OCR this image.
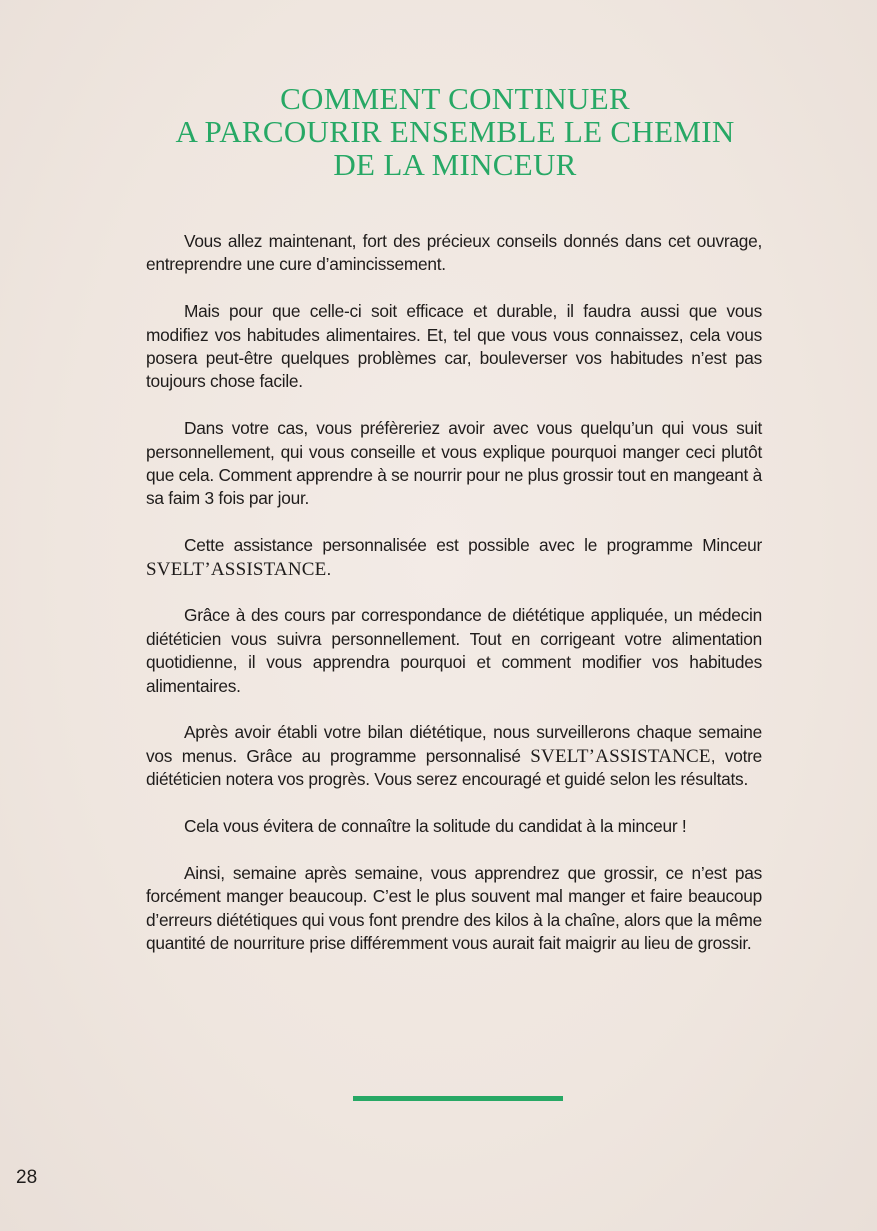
COMMENT CONTINUER
A PARCOURIR ENSEMBLE LE CHEMIN
DE LA MINCEUR

Vous allez maintenant, fort des précieux conseils donnés dans cet ouvrage, entreprendre une cure d’amincissement.

Mais pour que celle-ci soit efficace et durable, il faudra aussi que vous modifiez vos habitudes alimentaires. Et, tel que vous vous connaissez, cela vous posera peut-être quelques problèmes car, bouleverser vos habitudes n’est pas toujours chose facile.

Dans votre cas, vous préfèreriez avoir avec vous quelqu’un qui vous suit personnellement, qui vous conseille et vous explique pourquoi manger ceci plutôt que cela. Comment apprendre à se nourrir pour ne plus grossir tout en mangeant à sa faim 3 fois par jour.

Cette assistance personnalisée est possible avec le programme Minceur SVELT’ASSISTANCE.

Grâce à des cours par correspondance de diététique appliquée, un médecin diététicien vous suivra personnellement. Tout en corrigeant votre alimentation quotidienne, il vous apprendra pourquoi et comment modifier vos habitudes alimentaires.

Après avoir établi votre bilan diététique, nous surveillerons chaque semaine vos menus. Grâce au programme personnalisé SVELT’ASSISTANCE, votre diététicien notera vos progrès. Vous serez encouragé et guidé selon les résultats.

Cela vous évitera de connaître la solitude du candidat à la minceur !

Ainsi, semaine après semaine, vous apprendrez que grossir, ce n’est pas forcément manger beaucoup. C’est le plus souvent mal manger et faire beaucoup d’erreurs diététiques qui vous font prendre des kilos à la chaîne, alors que la même quantité de nourriture prise différemment vous aurait fait maigrir au lieu de grossir.

28
